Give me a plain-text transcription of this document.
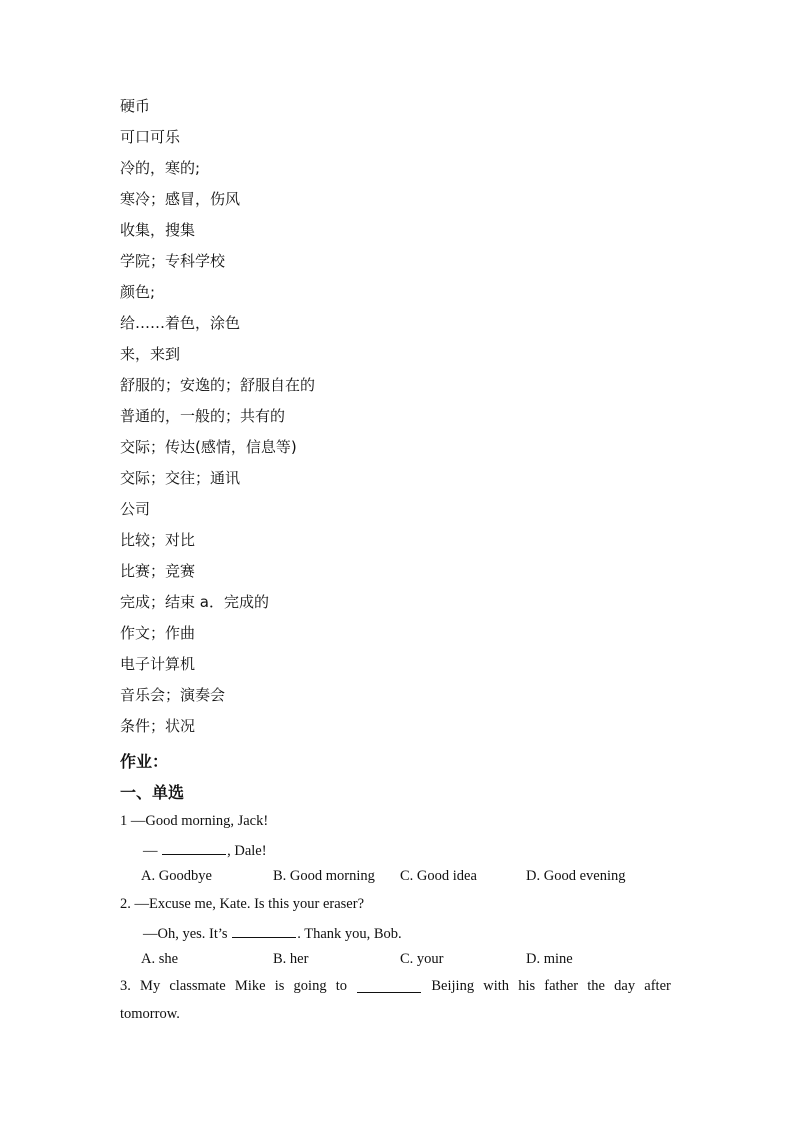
硬币
可口可乐
冷的，寒的;
寒冷；感冒，伤风
收集，搜集
学院；专科学校
颜色;
给……着色，涂色
来，来到
舒服的；安逸的；舒服自在的
普通的，一般的；共有的
交际；传达(感情，信息等)
交际；交往；通讯
公司
比较；对比
比赛；竞赛
完成；结束 a．完成的
作文；作曲
电子计算机
音乐会；演奏会
条件；状况
作业：
一、单选
1 —Good morning, Jack!
—	, Dale!
A. Goodbye	B. Good morning C. Good idea	D. Good evening
2. —Excuse me, Kate. Is this your eraser?
—Oh, yes. It’s	. Thank you, Bob.
A. she	B. her	C. your	D. mine
3. My classmate Mike is going to	Beijing with his father the day after
tomorrow.
